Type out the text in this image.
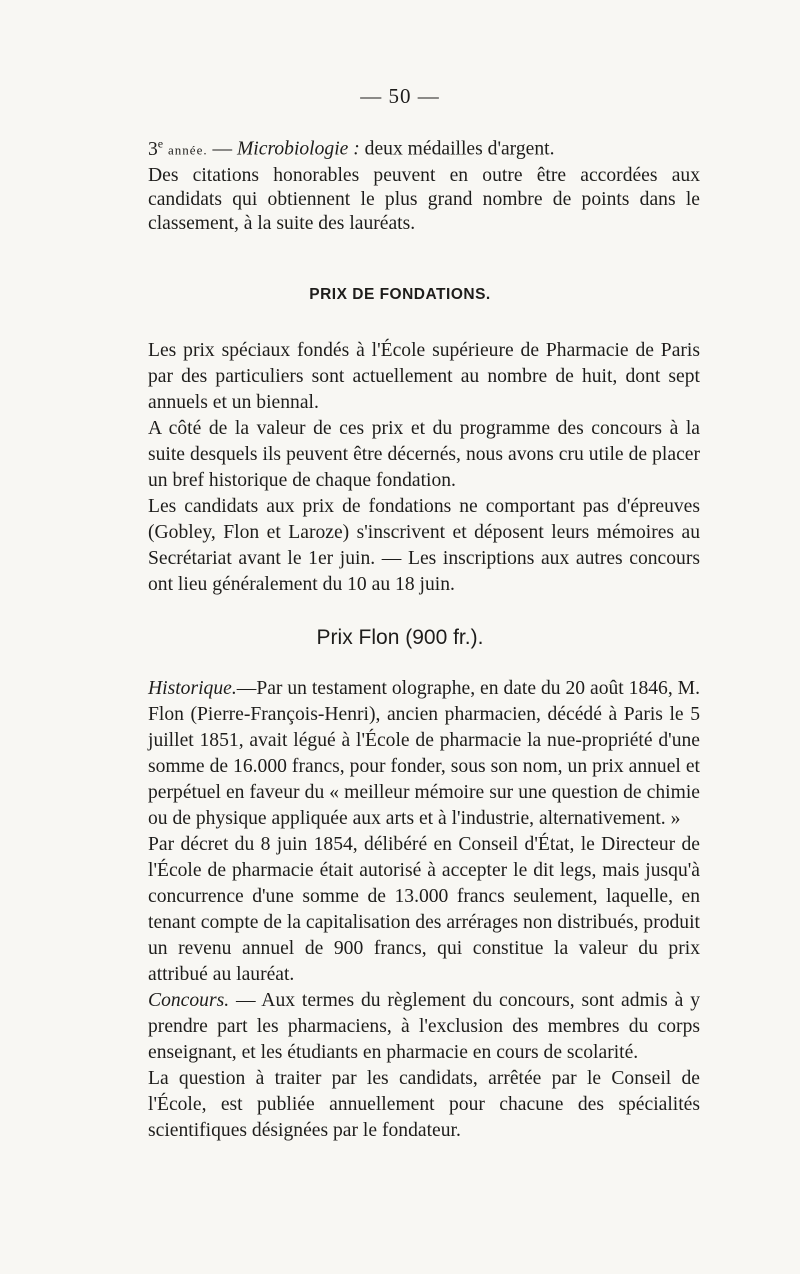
— 50 —

3e année. — Microbiologie : deux médailles d'argent.

Des citations honorables peuvent en outre être accordées aux candidats qui obtiennent le plus grand nombre de points dans le classement, à la suite des lauréats.

PRIX DE FONDATIONS.

Les prix spéciaux fondés à l'École supérieure de Pharmacie de Paris par des particuliers sont actuellement au nombre de huit, dont sept annuels et un biennal.

A côté de la valeur de ces prix et du programme des concours à la suite desquels ils peuvent être décernés, nous avons cru utile de placer un bref historique de chaque fondation.

Les candidats aux prix de fondations ne comportant pas d'épreuves (Gobley, Flon et Laroze) s'inscrivent et déposent leurs mémoires au Secrétariat avant le 1er juin. — Les inscriptions aux autres concours ont lieu généralement du 10 au 18 juin.

Prix Flon (900 fr.).

Historique.—Par un testament olographe, en date du 20 août 1846, M. Flon (Pierre-François-Henri), ancien pharmacien, décédé à Paris le 5 juillet 1851, avait légué à l'École de pharmacie la nue-propriété d'une somme de 16.000 francs, pour fonder, sous son nom, un prix annuel et perpétuel en faveur du « meilleur mémoire sur une question de chimie ou de physique appliquée aux arts et à l'industrie, alternativement. »

Par décret du 8 juin 1854, délibéré en Conseil d'État, le Directeur de l'École de pharmacie était autorisé à accepter le dit legs, mais jusqu'à concurrence d'une somme de 13.000 francs seulement, laquelle, en tenant compte de la capitalisation des arrérages non distribués, produit un revenu annuel de 900 francs, qui constitue la valeur du prix attribué au lauréat.

Concours. — Aux termes du règlement du concours, sont admis à y prendre part les pharmaciens, à l'exclusion des membres du corps enseignant, et les étudiants en pharmacie en cours de scolarité.

La question à traiter par les candidats, arrêtée par le Conseil de l'École, est publiée annuellement pour chacune des spécialités scientifiques désignées par le fondateur.
